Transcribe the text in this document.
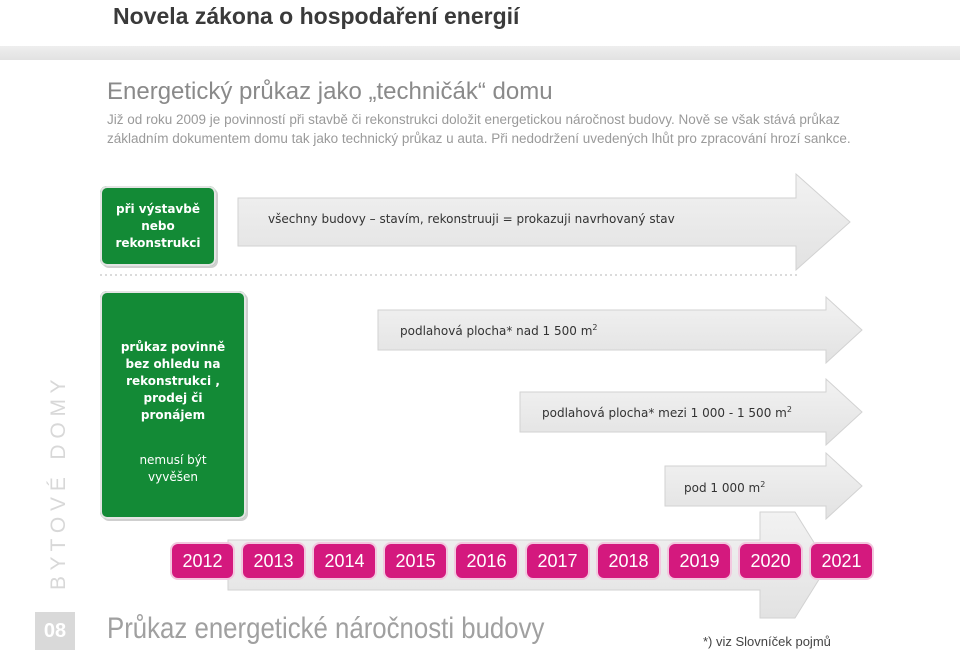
Novela zákona o hospodaření energií
Energetický průkaz jako „techničák“ domu
Již od roku 2009 je povinností při stavbě či rekonstrukci doložit energetickou náročnost budovy. Nově se však stává průkaz základním dokumentem domu tak jako technický průkaz u auta. Při nedodržení uvedených lhůt pro zpracování hrozí sankce.
při výstavbě
nebo
rekonstrukci
průkaz povinně
bez ohledu na
rekonstrukci ,
prodej či
pronájem
nemusí být
vyvěšen
všechny budovy – stavím, rekonstruuji = prokazuji navrhovaný stav
podlahová plocha* nad 1 500 $m^2$
podlahová plocha* mezi 1 000 - 1 500 $m^2$
pod 1 000 $m^2$
2012	2013	2014	2015	2016	2017	2018	2019	2020	2021
B Y T O V É   D O M Y
08 Průkaz energetické náročnosti budovy	*) viz Slovníček pojmů
